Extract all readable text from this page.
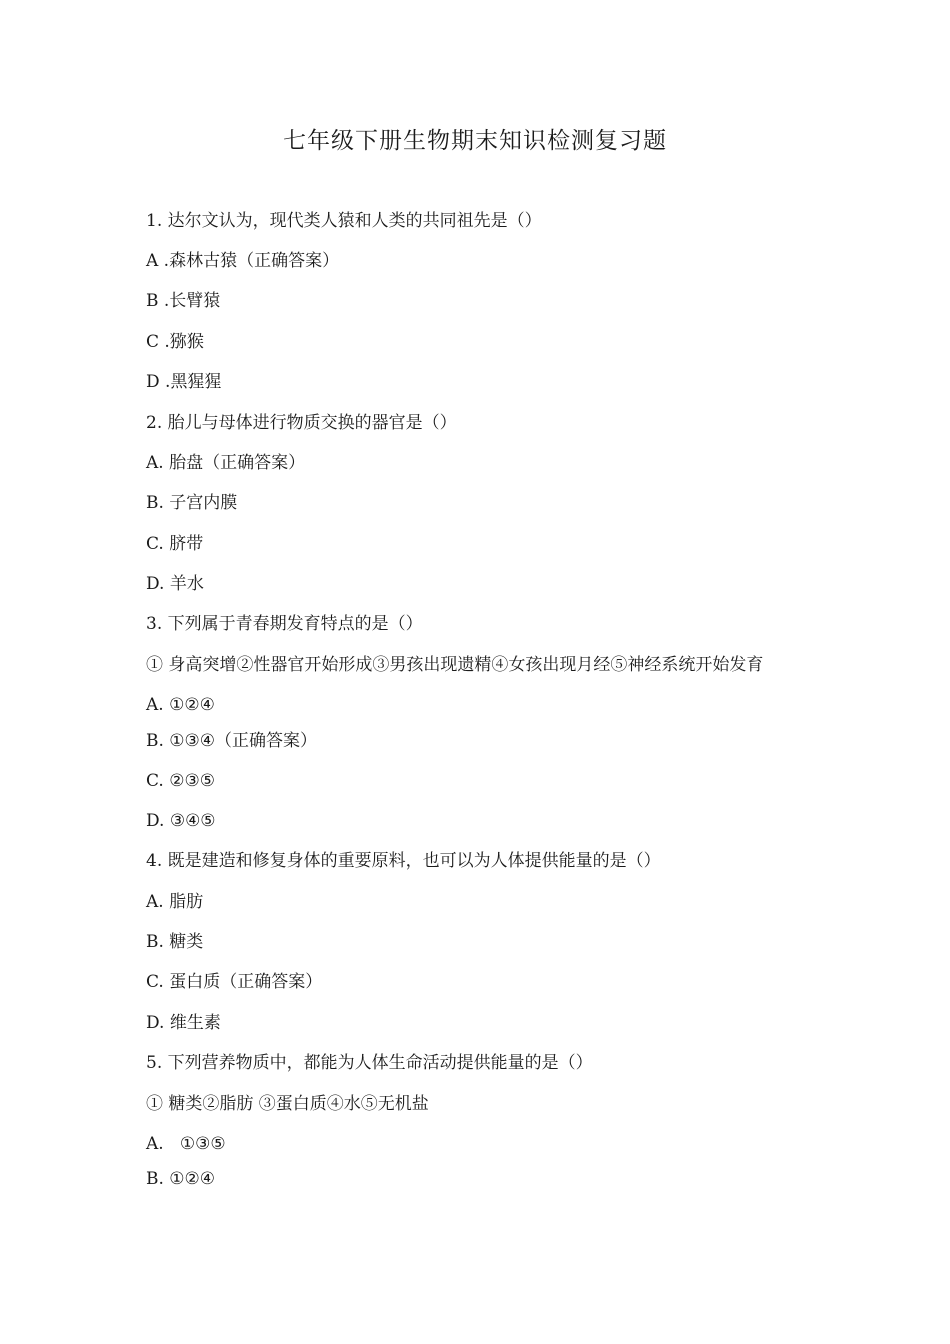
七年级下册生物期末知识检测复习题
1. 达尔文认为，现代类人猿和人类的共同祖先是（）
A .森林古猿（正确答案）
B .长臂猿
C .猕猴
D .黑猩猩
2. 胎儿与母体进行物质交换的器官是（）
A. 胎盘（正确答案）
B. 子宫内膜
C. 脐带
D. 羊水
3. 下列属于青春期发育特点的是（）
① 身高突增②性器官开始形成③男孩出现遗精④女孩出现月经⑤神经系统开始发育
A. ①②④
B. ①③④（正确答案）
C. ②③⑤
D. ③④⑤
4. 既是建造和修复身体的重要原料，也可以为人体提供能量的是（）
A. 脂肪
B. 糖类
C. 蛋白质（正确答案）
D. 维生素
5. 下列营养物质中，都能为人体生命活动提供能量的是（）
① 糖类②脂肪 ③蛋白质④水⑤无机盐
A.   ①③⑤
B. ①②④
